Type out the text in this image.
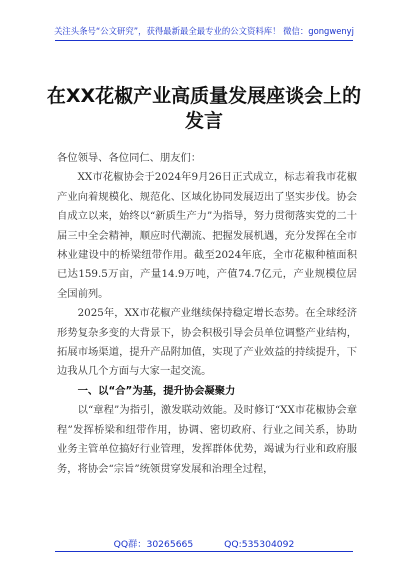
关注头条号“公文研究”，获得最新最全最专业的公文资料库！ 微信：gongwenyj
在XX花椒产业高质量发展座谈会上的发言

各位领导、各位同仁、朋友们：

XX市花椒协会于2024年9月26日正式成立，标志着我市花椒产业向着规模化、规范化、区域化协同发展迈出了坚实步伐。协会自成立以来，始终以“新质生产力”为指导，努力贯彻落实党的二十届三中全会精神，顺应时代潮流、把握发展机遇，充分发挥在全市林业建设中的桥梁纽带作用。截至2024年底，全市花椒种植面积已达159.5万亩，产量14.9万吨，产值74.7亿元，产业规模位居全国前列。

2025年，XX市花椒产业继续保持稳定增长态势。在全球经济形势复杂多变的大背景下，协会积极引导会员单位调整产业结构，拓展市场渠道，提升产品附加值，实现了产业效益的持续提升，下边我从几个方面与大家一起交流。

一、以“合”为基，提升协会凝聚力

以“章程”为指引，激发联动效能。及时修订“XX市花椒协会章程”发挥桥梁和纽带作用，协调、密切政府、行业之间关系，协助业务主管单位搞好行业管理，发挥群体优势，竭诚为行业和政府服务，将协会“宗旨”统领贯穿发展和治理全过程，

QQ群：30265665	QQ:535304092
